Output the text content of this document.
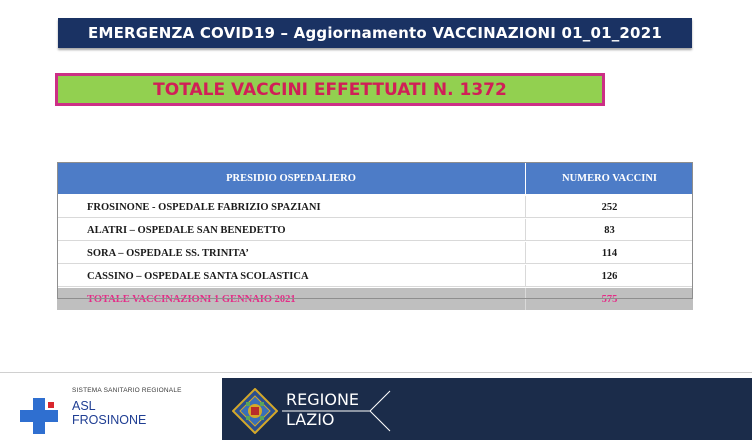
EMERGENZA COVID19 – Aggiornamento VACCINAZIONI 01_01_2021
TOTALE VACCINI EFFETTUATI N. 1372
PRESIDIO OSPEDALIERO	NUMERO VACCINI
FROSINONE - OSPEDALE FABRIZIO SPAZIANI	252
ALATRI – OSPEDALE SAN BENEDETTO	83
SORA – OSPEDALE SS. TRINITA’	114
CASSINO – OSPEDALE SANTA SCOLASTICA	126
TOTALE VACCINAZIONI 1 GENNAIO 2021	575
SISTEMA SANITARIO REGIONALE
ASL
FROSINONE
REGIONE
LAZIO
